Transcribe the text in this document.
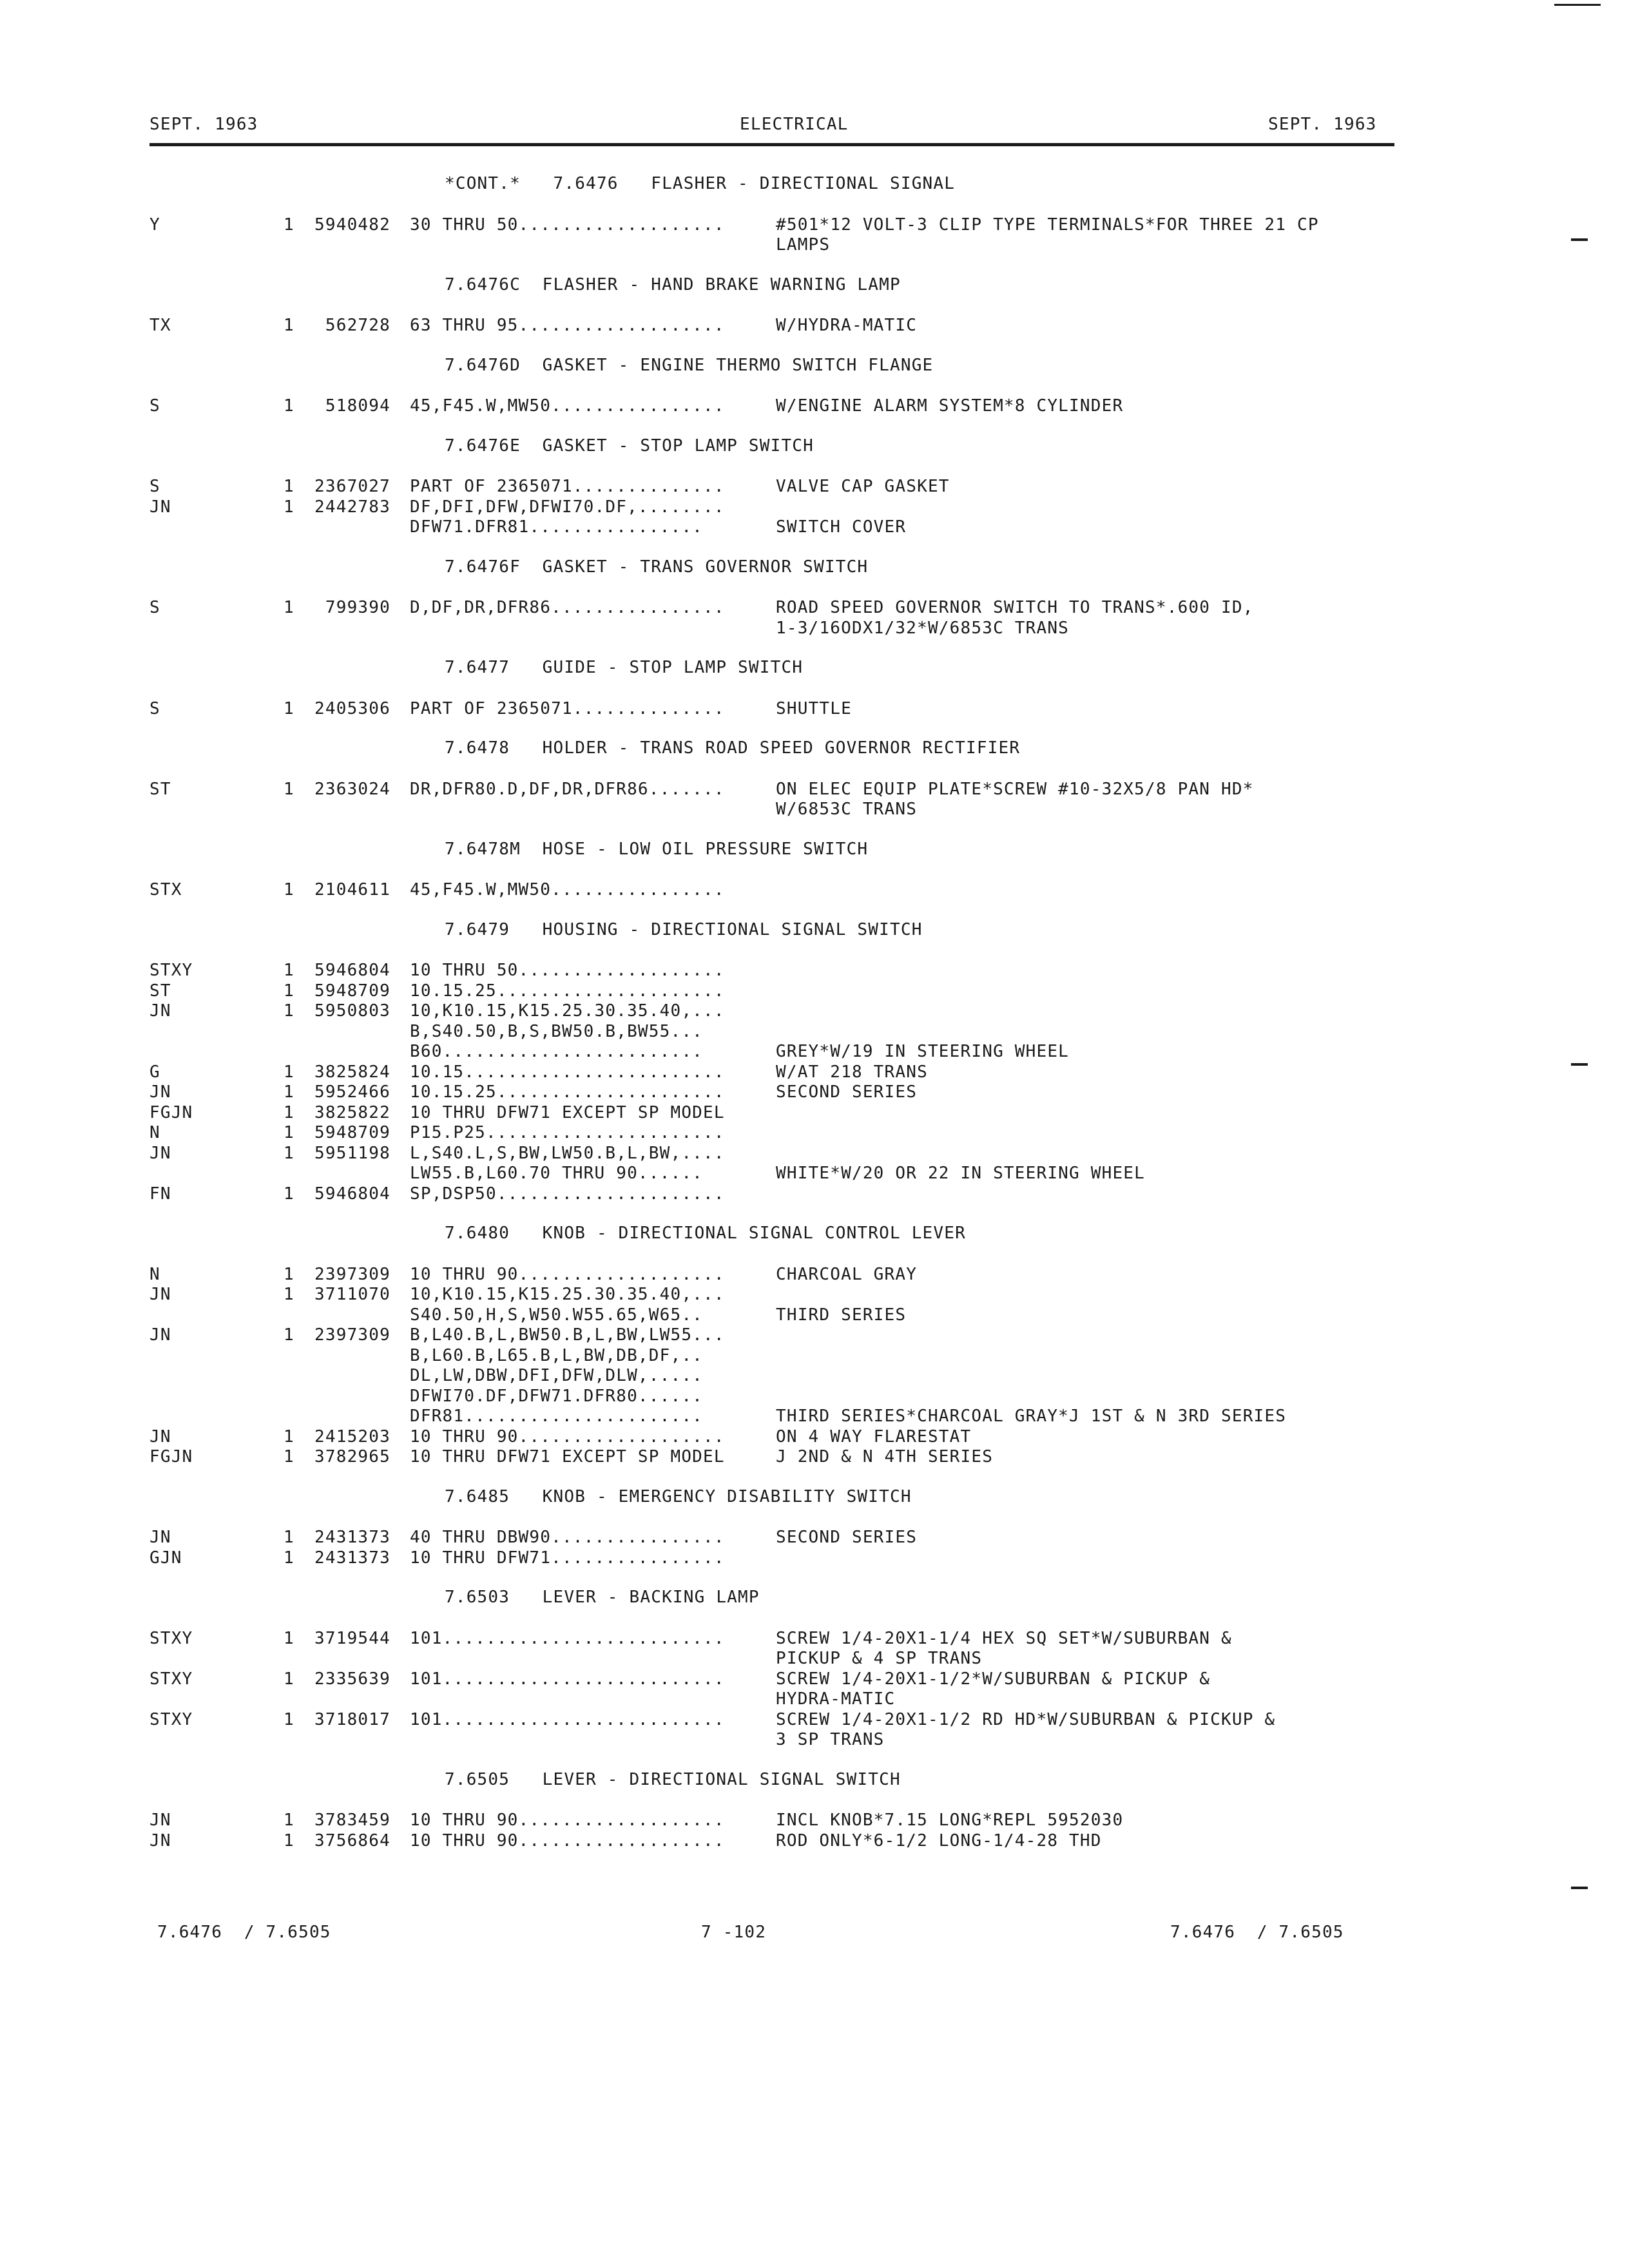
SEPT. 1963	ELECTRICAL	SEPT. 1963
*CONT.*   7.6476   FLASHER - DIRECTIONAL SIGNAL
Y	1	5940482 30 THRU 50...................	#501*12 VOLT-3 CLIP TYPE TERMINALS*FOR THREE 21 CP
LAMPS
7.6476C  FLASHER - HAND BRAKE WARNING LAMP
TX	1	562728 63 THRU 95...................	W/HYDRA-MATIC
7.6476D  GASKET - ENGINE THERMO SWITCH FLANGE
S	1	518094 45,F45.W,MW50................	W/ENGINE ALARM SYSTEM*8 CYLINDER
7.6476E  GASKET - STOP LAMP SWITCH
S	1	2367027 PART OF 2365071..............	VALVE CAP GASKET
JN	1	2442783 DF,DFI,DFW,DFWI70.DF,........
DFW71.DFR81................	SWITCH COVER
7.6476F  GASKET - TRANS GOVERNOR SWITCH
S	1	799390 D,DF,DR,DFR86................	ROAD SPEED GOVERNOR SWITCH TO TRANS*.600 ID,
1-3/16ODX1/32*W/6853C TRANS
7.6477   GUIDE - STOP LAMP SWITCH
S	1	2405306 PART OF 2365071..............	SHUTTLE
7.6478   HOLDER - TRANS ROAD SPEED GOVERNOR RECTIFIER
ST	1	2363024 DR,DFR80.D,DF,DR,DFR86.......	ON ELEC EQUIP PLATE*SCREW #10-32X5/8 PAN HD*
W/6853C TRANS
7.6478M  HOSE - LOW OIL PRESSURE SWITCH
STX	1	2104611 45,F45.W,MW50................
7.6479   HOUSING - DIRECTIONAL SIGNAL SWITCH
STXY	1	5946804 10 THRU 50...................
ST	1	5948709 10.15.25.....................
JN	1	5950803 10,K10.15,K15.25.30.35.40,...
B,S40.50,B,S,BW50.B,BW55...
B60........................	GREY*W/19 IN STEERING WHEEL
G	1	3825824 10.15........................	W/AT 218 TRANS
JN	1	5952466 10.15.25.....................	SECOND SERIES
FGJN	1	3825822 10 THRU DFW71 EXCEPT SP MODEL
N	1	5948709 P15.P25......................
JN	1	5951198 L,S40.L,S,BW,LW50.B,L,BW,....
LW55.B,L60.70 THRU 90......	WHITE*W/20 OR 22 IN STEERING WHEEL
FN	1	5946804 SP,DSP50.....................
7.6480   KNOB - DIRECTIONAL SIGNAL CONTROL LEVER
N	1	2397309 10 THRU 90...................	CHARCOAL GRAY
JN	1	3711070 10,K10.15,K15.25.30.35.40,...
S40.50,H,S,W50.W55.65,W65..	THIRD SERIES
JN	1	2397309 B,L40.B,L,BW50.B,L,BW,LW55...
B,L60.B,L65.B,L,BW,DB,DF,..
DL,LW,DBW,DFI,DFW,DLW,.....
DFWI70.DF,DFW71.DFR80......
DFR81......................	THIRD SERIES*CHARCOAL GRAY*J 1ST & N 3RD SERIES
JN	1	2415203 10 THRU 90...................	ON 4 WAY FLARESTAT
FGJN	1	3782965 10 THRU DFW71 EXCEPT SP MODEL	J 2ND & N 4TH SERIES
7.6485   KNOB - EMERGENCY DISABILITY SWITCH
JN	1	2431373 40 THRU DBW90................	SECOND SERIES
GJN	1	2431373 10 THRU DFW71................
7.6503   LEVER - BACKING LAMP
STXY	1	3719544 101..........................	SCREW 1/4-20X1-1/4 HEX SQ SET*W/SUBURBAN &
PICKUP & 4 SP TRANS
STXY	1	2335639 101..........................	SCREW 1/4-20X1-1/2*W/SUBURBAN & PICKUP &
HYDRA-MATIC
STXY	1	3718017 101..........................	SCREW 1/4-20X1-1/2 RD HD*W/SUBURBAN & PICKUP &
3 SP TRANS
7.6505   LEVER - DIRECTIONAL SIGNAL SWITCH
JN	1	3783459 10 THRU 90...................	INCL KNOB*7.15 LONG*REPL 5952030
JN	1	3756864 10 THRU 90...................	ROD ONLY*6-1/2 LONG-1/4-28 THD
7.6476  / 7.6505	7 -102	7.6476  / 7.6505
